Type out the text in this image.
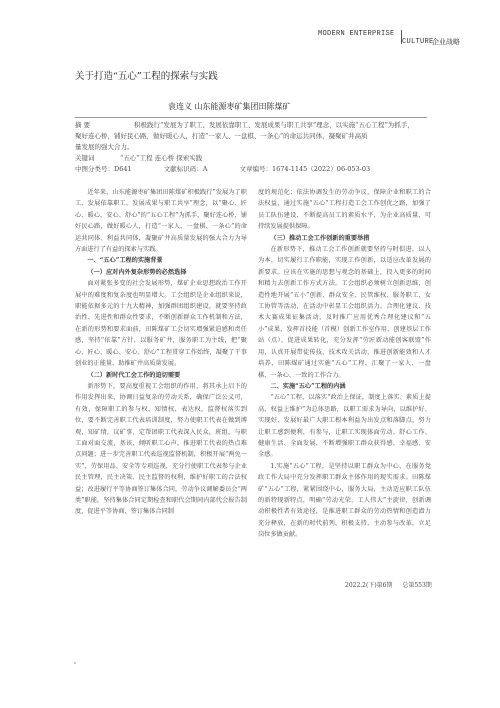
MODERN ENTERPRISE
CULTURE
企业战略
关于打造“五心”工程的探索与实践
袁连义 山东能源枣矿集团田陈煤矿
摘 要	积极践行“发展为了职工、发展依靠职工、发展成果与职工共享”理念，以实施“五心工程”为抓手，
聚好连心桥，铺好民心路，做好暖心人，打造“一家人、一盘棋、一条心”的命运共同体，凝聚矿井高质
量发展的强大合力。
关键词	“五心”工程 连心桥 探索实践
中图分类号：D641	文献标识码：A	文章编号：1674-1145（2022）06-053-03

近年来，山东能源枣矿集团田陈煤矿积极践行“发展为了职工、发展依靠职工、发展成果与职工共享”理念，以“聚心、匠心、暖心、安心、舒心”的“五心工程”为抓手，聚好连心桥，铺好民心路，做好暖心人，打造“一家人、一盘棋、一条心”的命运共同体、利益共同体，凝聚矿井高质量发展的强大合力为导方面进行了有益的探索与实践。

一、“五心”工程的实施背景

（一）应对内外复杂形势的必然选择

面对紧张多变的社会发展形势，煤矿企业思想政治工作开展中的难度和复杂度也明显增大。工会组织是企业组织来说，职能依据多元的十九大精神，加强群团组织建设，就要坚持政治性、先进性和群众性要求，不断创新群众工作机制和方法，在新的形势和要求面前，田陈煤矿工会切实增强紧迫感和责任感，坚持“依靠”方针，以服务矿井，服务职工为主线，把“聚心、匠心、暖心、安心、舒心”工程贯穿工作始终，凝聚了干事创业的正能量，助推矿井高质量发展。

（二）新时代工会工作的迫切需要

新形势下，要高度重视工会组织的作用，将其承上启下的作用发挥出来，协调日益复杂的劳动关系，确保广泛公义可，有效，保障职工的参与权、知情权、表达权，监督权落实到位，要不断完善职工代表培训制度，努力使职工代表在做到博观，知矿情，议矿事，定帮团职工代表深入民众，班组，与职工面对面交流，基该，倾听职工心声，推进职工代表的热点难点问题；进一步完善职工代表巡视监督机制，积极开展“两免一实”、劳保用品、安全等专项巡视，充分行使职工代表参与企业民主管理，民主决策、民主监督的权利，维护好职工的合法权益；改进履行平等协商签订集体合同，劳动争议调解委员会“两类”职能，坚持集体合同定期检查和职代会期间内部代会报告制度，促进平等协商、签订集体合同制

度的规范化；依法协调发生的劳动争议，保障企业和职工的合法权益，通过实施“五心”工程打造工会工作创优之路，加强了员工队伍建设，不断提高员工的素质水平，为企业高质量、可持续发展提供保障。

（三）推动工会工作创新的重要举措

在新形势下，推动工会工作创新就要坚持与时俱进，以人为本，切实履行工作职能，实现工作创新，以适应改革发展的新要求。应该在实施的思想与观念的基础上，投入更多的时间和精力去创新工作方式方法。工会组织必须树立创新思维，创造性地开展“五小”创新、群众安全、民管维权、服务职工、女工协管等活动，在活动中彰显工会组织活力。合理化建议、技术大赛成果征集活动，及时推广应用优秀合理化建议和“五小”成果，发挥首技能（首模）创新工作室作用，创建基层工作站（点），促进成果转化，充分发挥“劳匠新动能创客联盟”作用，认真开展带徒传技、技术攻关活动，推进创新能效和人才培养，田陈煤矿通过实施“五心”工程，汇聚了一家人、一盘棋、一条心、一致的工作合力。

二、实施“五心”工程的内涵

“五心”工程，以落实“政治上保证，制度上落实、素质上提高、权益上维护”为总体思路，以职工需求为导向，以维护好、实现好、发展好最广大职工根本利益为出发点和落脚点，努力让职工感到便利，有参与，让职工实现体面劳动、舒心工作、健康生活、全面发展，不断增强职工群众获得感、幸福感、安全感。

1.实施“五心”工程，是坚持以职工群众为中心，在服务党政工作大局中充分发挥职工群众主体作用的现实需求。田陈煤矿“五心”工程，紧紧围绕中心，服务大局，主动适应职工队伍的新特现新特点，明确“劳动光荣、工人伟大”主旋律，创新调动积极性者有效途径，是推进职工群众的劳动热情和创造潜力充分释放，在新的时代前列，积极支持，主动参与改革，立足岗位多做贡献。

2022.2(下)第6期 总第553期
